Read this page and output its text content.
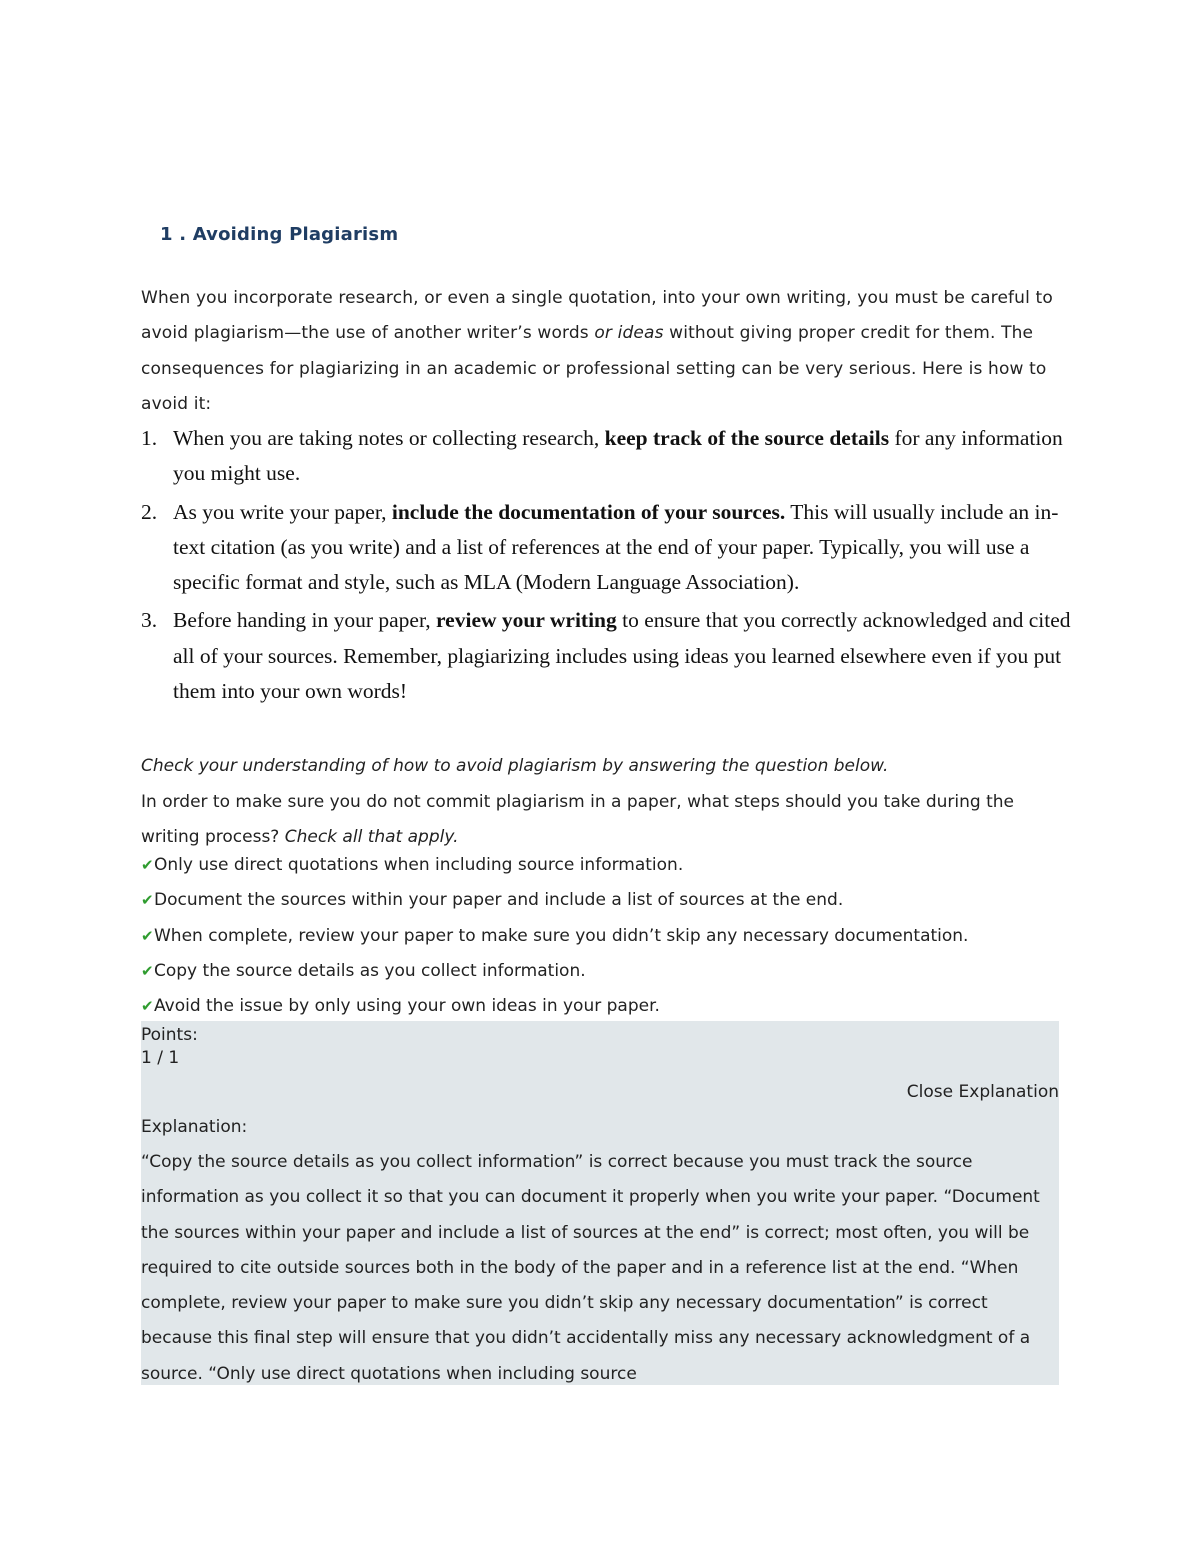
1 . Avoiding Plagiarism
When you incorporate research, or even a single quotation, into your own writing, you must be careful to avoid plagiarism—the use of another writer’s words or ideas without giving proper credit for them. The consequences for plagiarizing in an academic or professional setting can be very serious. Here is how to avoid it:
1. When you are taking notes or collecting research, keep track of the source details for any information you might use.
2. As you write your paper, include the documentation of your sources. This will usually include an in-text citation (as you write) and a list of references at the end of your paper. Typically, you will use a specific format and style, such as MLA (Modern Language Association).
3. Before handing in your paper, review your writing to ensure that you correctly acknowledged and cited all of your sources. Remember, plagiarizing includes using ideas you learned elsewhere even if you put them into your own words!
Check your understanding of how to avoid plagiarism by answering the question below.
In order to make sure you do not commit plagiarism in a paper, what steps should you take during the writing process? Check all that apply.
✔ Only use direct quotations when including source information.
✔ Document the sources within your paper and include a list of sources at the end.
✔ When complete, review your paper to make sure you didn’t skip any necessary documentation.
✔ Copy the source details as you collect information.
✔ Avoid the issue by only using your own ideas in your paper.
Points:
1 / 1
Close Explanation
Explanation:
“Copy the source details as you collect information” is correct because you must track the source information as you collect it so that you can document it properly when you write your paper. “Document the sources within your paper and include a list of sources at the end” is correct; most often, you will be required to cite outside sources both in the body of the paper and in a reference list at the end. “When complete, review your paper to make sure you didn’t skip any necessary documentation” is correct because this final step will ensure that you didn’t accidentally miss any necessary acknowledgment of a source. “Only use direct quotations when including source
